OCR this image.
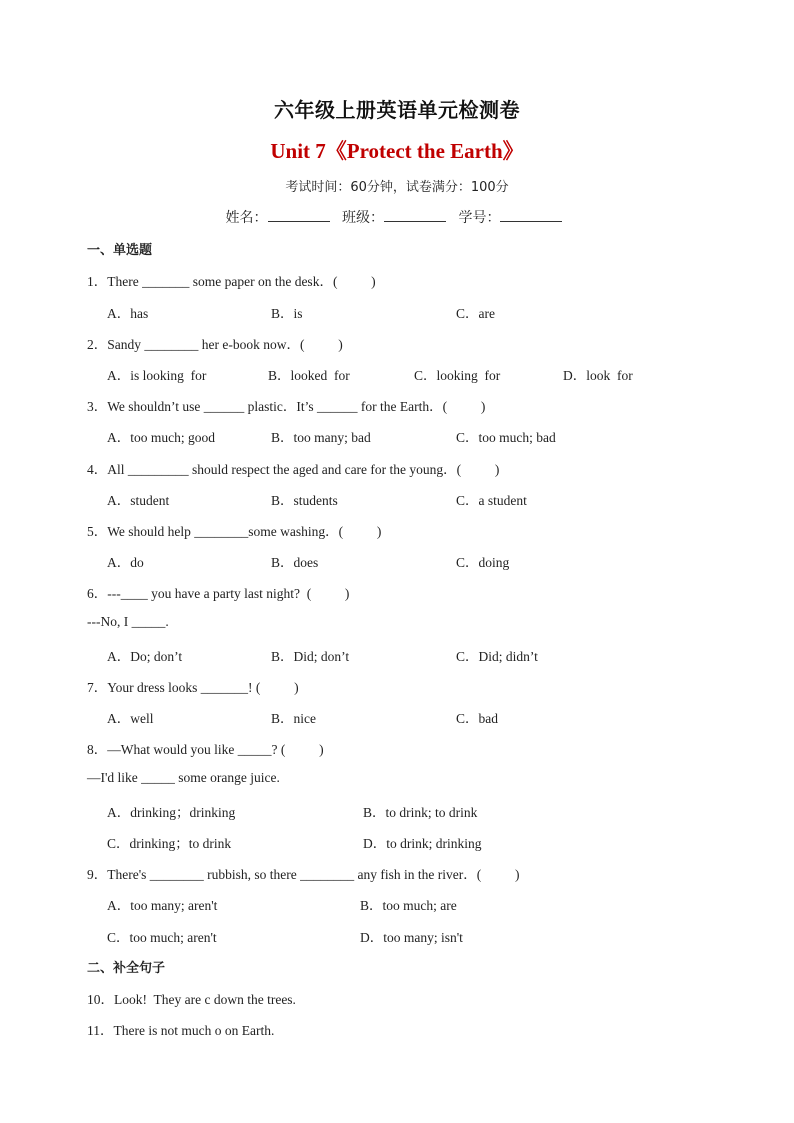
六年级上册英语单元检测卷
Unit 7《Protect the Earth》
考试时间：60分钟，试卷满分：100分
姓名：	班级：	学号：
一、单选题
1．There _______ some paper on the desk．(          )
A．has	B．is	C．are
2．Sandy ________ her e-book now．(          )
A．is looking  for	B．looked  for	C．looking  for	D．look  for
3．We shouldn’t use ______ plastic．It’s ______ for the Earth．(          )
A．too much; good	B．too many; bad	C．too much; bad
4．All _________ should respect the aged and care for the young．(          )
A．student	B．students	C．a student
5．We should help ________some washing．(          )
A．do	B．does	C．doing
6．---____ you have a party last night?  (          )
---No, I _____.
A．Do; don’t	B．Did; don’t	C．Did; didn’t
7．Your dress looks _______! (          )
A．well	B．nice	C．bad
8．—What would you like _____? (          )
—I'd like _____ some orange juice.
A．drinking；drinking	B．to drink; to drink
C．drinking；to drink	D．to drink; drinking
9．There's ________ rubbish, so there ________ any fish in the river．(          )
A．too many; aren't	B．too much; are
C．too much; aren't	D．too many; isn't
二、补全句子
10．Look!  They are c down the trees.
11．There is not much o on Earth.
